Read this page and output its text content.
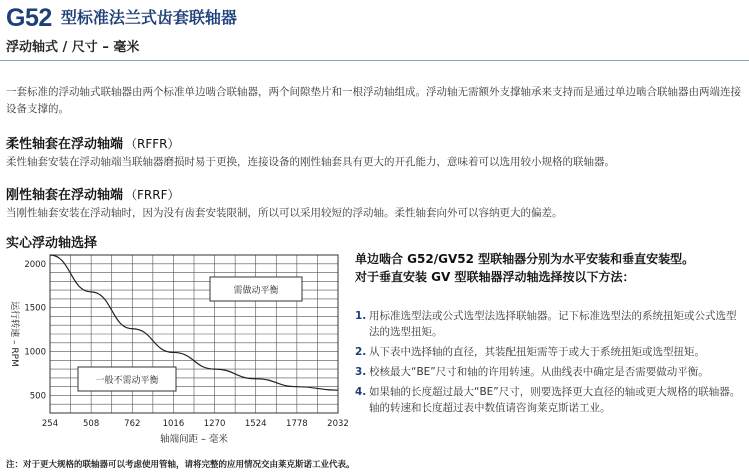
G52 型标准法兰式齿套联轴器
浮动轴式 / 尺寸 – 毫米
一套标准的浮动轴式联轴器由两个标准单边啮合联轴器，两个间隙垫片和一根浮动轴组成。浮动轴无需额外支撑轴承来支持而是通过单边啮合联轴器由两端连接设备支撑的。
柔性轴套在浮动轴端 （RFFR）
柔性轴套安装在浮动轴端当联轴器磨损时易于更换，连接设备的刚性轴套具有更大的开孔能力，意味着可以选用较小规格的联轴器。
刚性轴套在浮动轴端 （FRRF）
当刚性轴套安装在浮动轴时，因为没有齿套安装限制，所以可以采用较短的浮动轴。柔性轴套向外可以容纳更大的偏差。
实心浮动轴选择
254	508	762	1016 1270 1524 1778 2032
2000
1500
1000
500
轴端间距 – 毫米
运行转速 – RPM
需做动平衡
一般不需动平衡
单边啮合 G52/GV52 型联轴器分别为水平安装和垂直安装型。
对于垂直安装 GV 型联轴器浮动轴选择按以下方法：
1. 用标准选型法或公式选型法选择联轴器。记下标准选型法的系统扭矩或公式选型法的选型扭矩。
2. 从下表中选择轴的直径，其装配扭矩需等于或大于系统扭矩或选型扭矩。
3. 校核最大“BE”尺寸和轴的许用转速。从曲线表中确定是否需要做动平衡。
4. 如果轴的长度超过最大“BE”尺寸，则要选择更大直径的轴或更大规格的联轴器。轴的转速和长度超过表中数值请咨询莱克斯诺工业。
注：对于更大规格的联轴器可以考虑使用管轴，请将完整的应用情况交由莱克斯诺工业代表。
